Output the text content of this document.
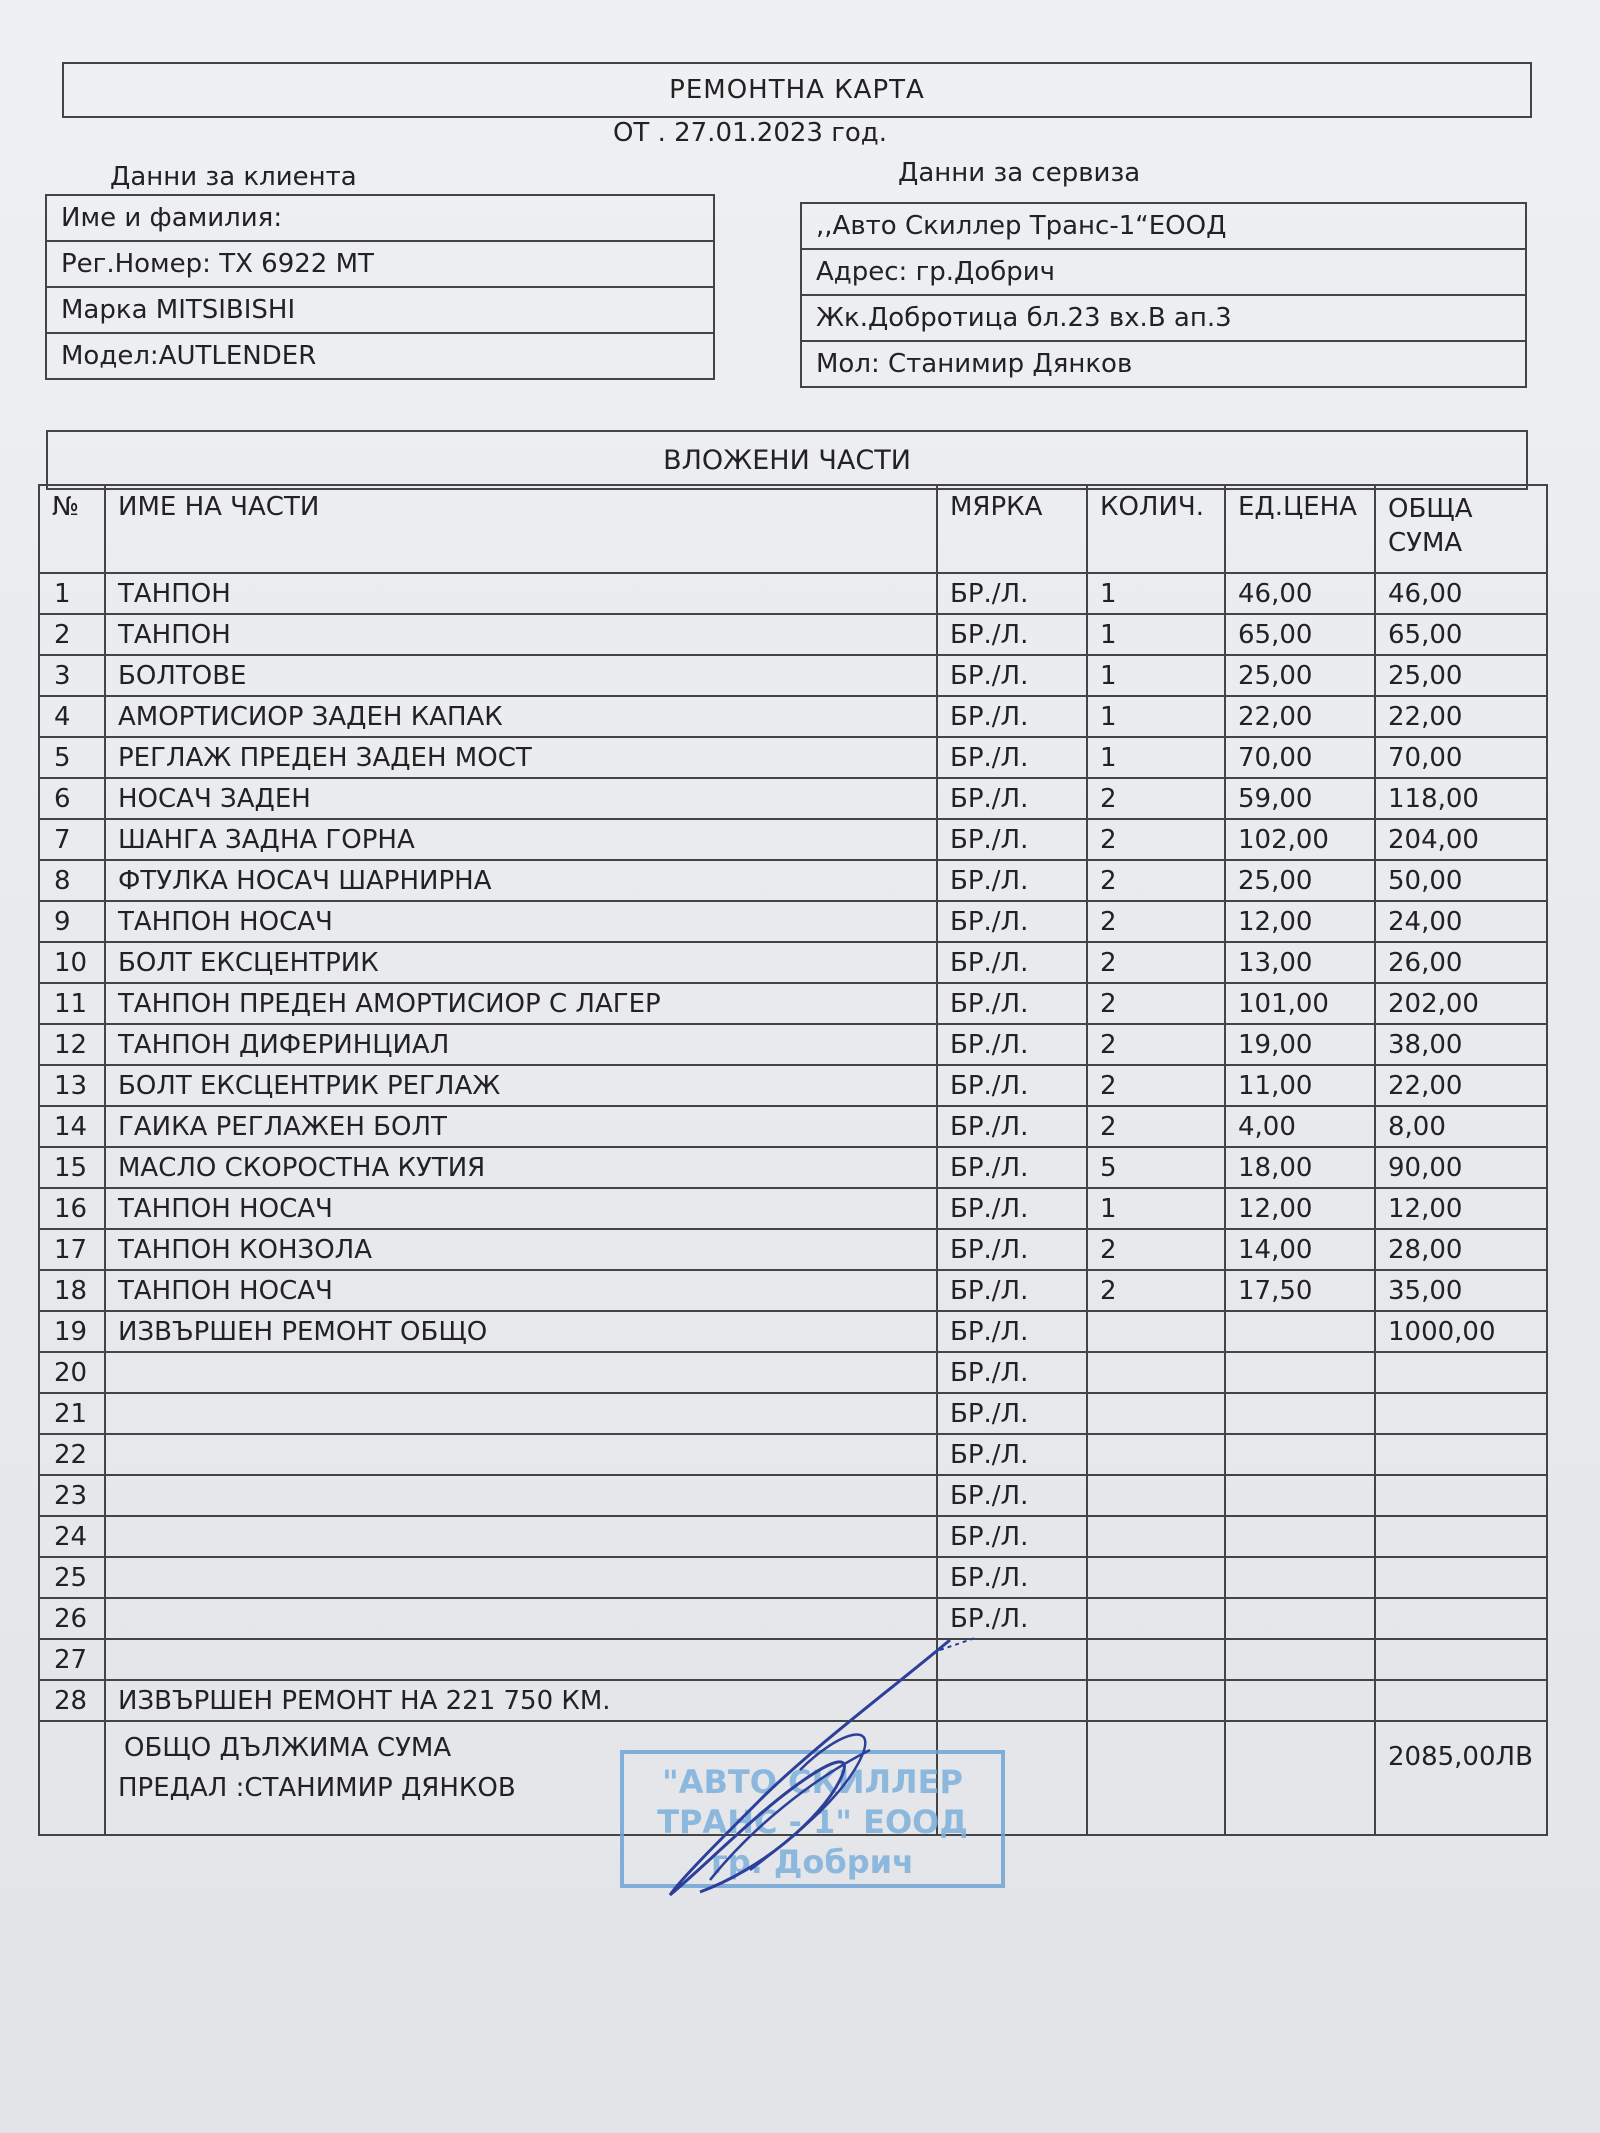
РЕМОНТНА КАРТА
ОТ . 27.01.2023 год.
Данни за клиента	Данни за сервиза
Име и фамилия:
Рег.Номер: ТХ 6922 МТ
Марка MITSIBISHI
Модел:AUTLENDER
,,Авто Скиллер Транс-1“ЕООД
Адрес: гр.Добрич
Жк.Добротица бл.23 вх.В ап.3
Мол: Станимир Дянков
ВЛОЖЕНИ ЧАСТИ
№	ИМЕ НА ЧАСТИ	МЯРКА	КОЛИЧ.	ЕД.ЦЕНА	ОБЩА СУМА
1	ТАНПОН	БР./Л.	1	46,00	46,00
2	ТАНПОН	БР./Л.	1	65,00	65,00
3	БОЛТОВЕ	БР./Л.	1	25,00	25,00
4	АМОРТИСИОР ЗАДЕН КАПАК	БР./Л.	1	22,00	22,00
5	РЕГЛАЖ ПРЕДЕН ЗАДЕН МОСТ	БР./Л.	1	70,00	70,00
6	НОСАЧ ЗАДЕН	БР./Л.	2	59,00	118,00
7	ШАНГА ЗАДНА ГОРНА	БР./Л.	2	102,00	204,00
8	ФТУЛКА НОСАЧ ШАРНИРНА	БР./Л.	2	25,00	50,00
9	ТАНПОН НОСАЧ	БР./Л.	2	12,00	24,00
10	БОЛТ ЕКСЦЕНТРИК	БР./Л.	2	13,00	26,00
11	ТАНПОН ПРЕДЕН АМОРТИСИОР С ЛАГЕР	БР./Л.	2	101,00	202,00
12	ТАНПОН ДИФЕРИНЦИАЛ	БР./Л.	2	19,00	38,00
13	БОЛТ ЕКСЦЕНТРИК РЕГЛАЖ	БР./Л.	2	11,00	22,00
14	ГАИКА РЕГЛАЖЕН БОЛТ	БР./Л.	2	4,00	8,00
15	МАСЛО СКОРОСТНА КУТИЯ	БР./Л.	5	18,00	90,00
16	ТАНПОН НОСАЧ	БР./Л.	1	12,00	12,00
17	ТАНПОН КОНЗОЛА	БР./Л.	2	14,00	28,00
18	ТАНПОН НОСАЧ	БР./Л.	2	17,50	35,00
19	ИЗВЪРШЕН РЕМОНТ ОБЩО	БР./Л.			1000,00
20		БР./Л.			
21		БР./Л.			
22		БР./Л.			
23		БР./Л.			
24		БР./Л.			
25		БР./Л.			
26		БР./Л.			
27					
28	ИЗВЪРШЕН РЕМОНТ НА 221 750 КМ.				

	ОБЩО ДЪЛЖИМА СУМА
ПРЕДАЛ :СТАНИМИР ДЯНКОВ				2085,00ЛВ
"АВТО СКИЛЛЕР
ТРАНС - 1" ЕООД
гр. Добрич
